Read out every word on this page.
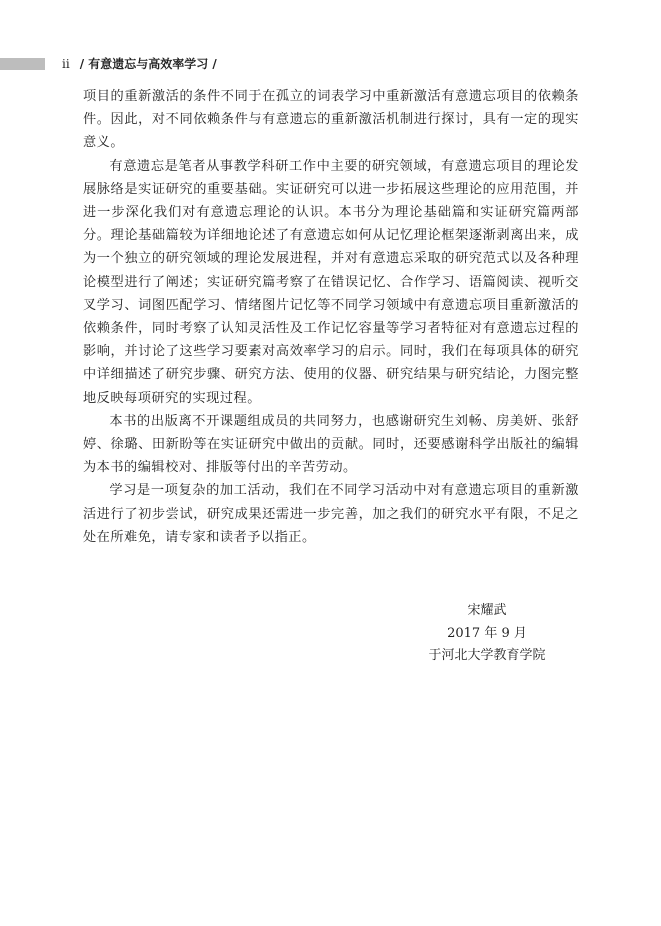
ii / 有意遗忘与高效率学习 /

项目的重新激活的条件不同于在孤立的词表学习中重新激活有意遗忘项目的依赖条件。因此，对不同依赖条件与有意遗忘的重新激活机制进行探讨，具有一定的现实意义。

有意遗忘是笔者从事教学科研工作中主要的研究领域，有意遗忘项目的理论发展脉络是实证研究的重要基础。实证研究可以进一步拓展这些理论的应用范围，并进一步深化我们对有意遗忘理论的认识。本书分为理论基础篇和实证研究篇两部分。理论基础篇较为详细地论述了有意遗忘如何从记忆理论框架逐渐剥离出来，成为一个独立的研究领域的理论发展进程，并对有意遗忘采取的研究范式以及各种理论模型进行了阐述；实证研究篇考察了在错误记忆、合作学习、语篇阅读、视听交叉学习、词图匹配学习、情绪图片记忆等不同学习领域中有意遗忘项目重新激活的依赖条件，同时考察了认知灵活性及工作记忆容量等学习者特征对有意遗忘过程的影响，并讨论了这些学习要素对高效率学习的启示。同时，我们在每项具体的研究中详细描述了研究步骤、研究方法、使用的仪器、研究结果与研究结论，力图完整地反映每项研究的实现过程。

本书的出版离不开课题组成员的共同努力，也感谢研究生刘畅、房美妍、张舒婷、徐璐、田新盼等在实证研究中做出的贡献。同时，还要感谢科学出版社的编辑为本书的编辑校对、排版等付出的辛苦劳动。

学习是一项复杂的加工活动，我们在不同学习活动中对有意遗忘项目的重新激活进行了初步尝试，研究成果还需进一步完善，加之我们的研究水平有限，不足之处在所难免，请专家和读者予以指正。

宋耀武
2017 年 9 月
于河北大学教育学院
